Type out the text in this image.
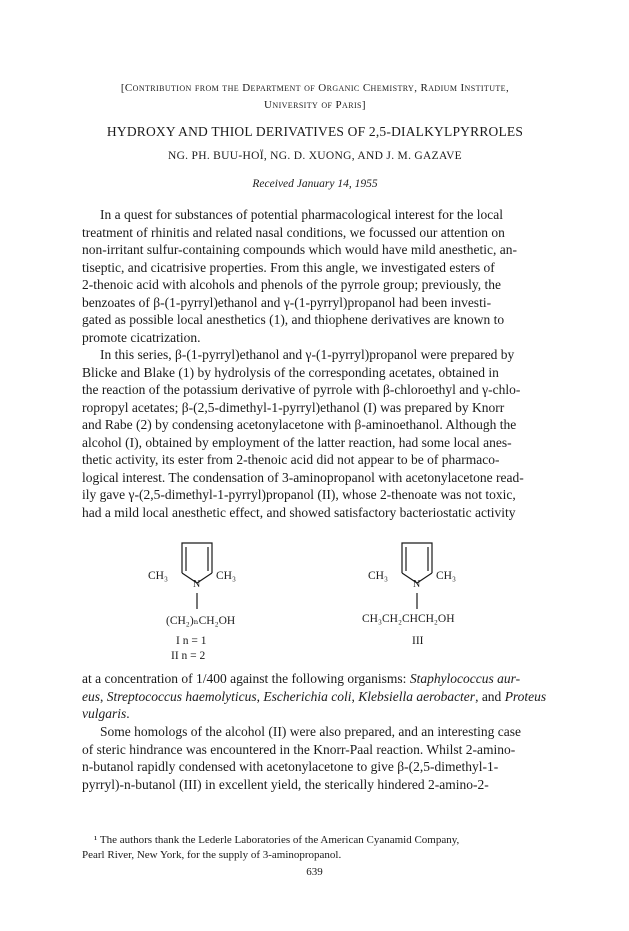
[Contribution from the Department of Organic Chemistry, Radium Institute,
University of Paris]
HYDROXY AND THIOL DERIVATIVES OF 2,5-DIALKYLPYRROLES
NG. PH. BUU-HOÏ, NG. D. XUONG, AND J. M. GAZAVE
Received January 14, 1955

In a quest for substances of potential pharmacological interest for the local
treatment of rhinitis and related nasal conditions, we focussed our attention on
non-irritant sulfur-containing compounds which would have mild anesthetic, an-
tiseptic, and cicatrisive properties. From this angle, we investigated esters of
2-thenoic acid with alcohols and phenols of the pyrrole group; previously, the
benzoates of β-(1-pyrryl)ethanol and γ-(1-pyrryl)propanol had been investi-
gated as possible local anesthetics (1), and thiophene derivatives are known to
promote cicatrization.

In this series, β-(1-pyrryl)ethanol and γ-(1-pyrryl)propanol were prepared by
Blicke and Blake (1) by hydrolysis of the corresponding acetates, obtained in
the reaction of the potassium derivative of pyrrole with β-chloroethyl and γ-chlo-
ropropyl acetates; β-(2,5-dimethyl-1-pyrryl)ethanol (I) was prepared by Knorr
and Rabe (2) by condensing acetonylacetone with β-aminoethanol. Although the
alcohol (I), obtained by employment of the latter reaction, had some local anes-
thetic activity, its ester from 2-thenoic acid did not appear to be of pharmaco-
logical interest. The condensation of 3-aminopropanol with acetonylacetone read-
ily gave γ-(2,5-dimethyl-1-pyrryl)propanol (II), whose 2-thenoate was not toxic,
had a mild local anesthetic effect, and showed satisfactory bacteriostatic activity

CH₃
N
CH₃
(CH₂)ₙCH₂OH
I n = 1
II n = 2
CH₃
N
CH₃
CH₃CH₂CHCH₂OH
III

at a concentration of 1/400 against the following organisms: Staphylococcus aur-
eus, Streptococcus haemolyticus, Escherichia coli, Klebsiella aerobacter, and Proteus
vulgaris.

Some homologs of the alcohol (II) were also prepared, and an interesting case
of steric hindrance was encountered in the Knorr-Paal reaction. Whilst 2-amino-
n-butanol rapidly condensed with acetonylacetone to give β-(2,5-dimethyl-1-
pyrryl)-n-butanol (III) in excellent yield, the sterically hindered 2-amino-2-

¹ The authors thank the Lederle Laboratories of the American Cyanamid Company,
Pearl River, New York, for the supply of 3-aminopropanol.
639
